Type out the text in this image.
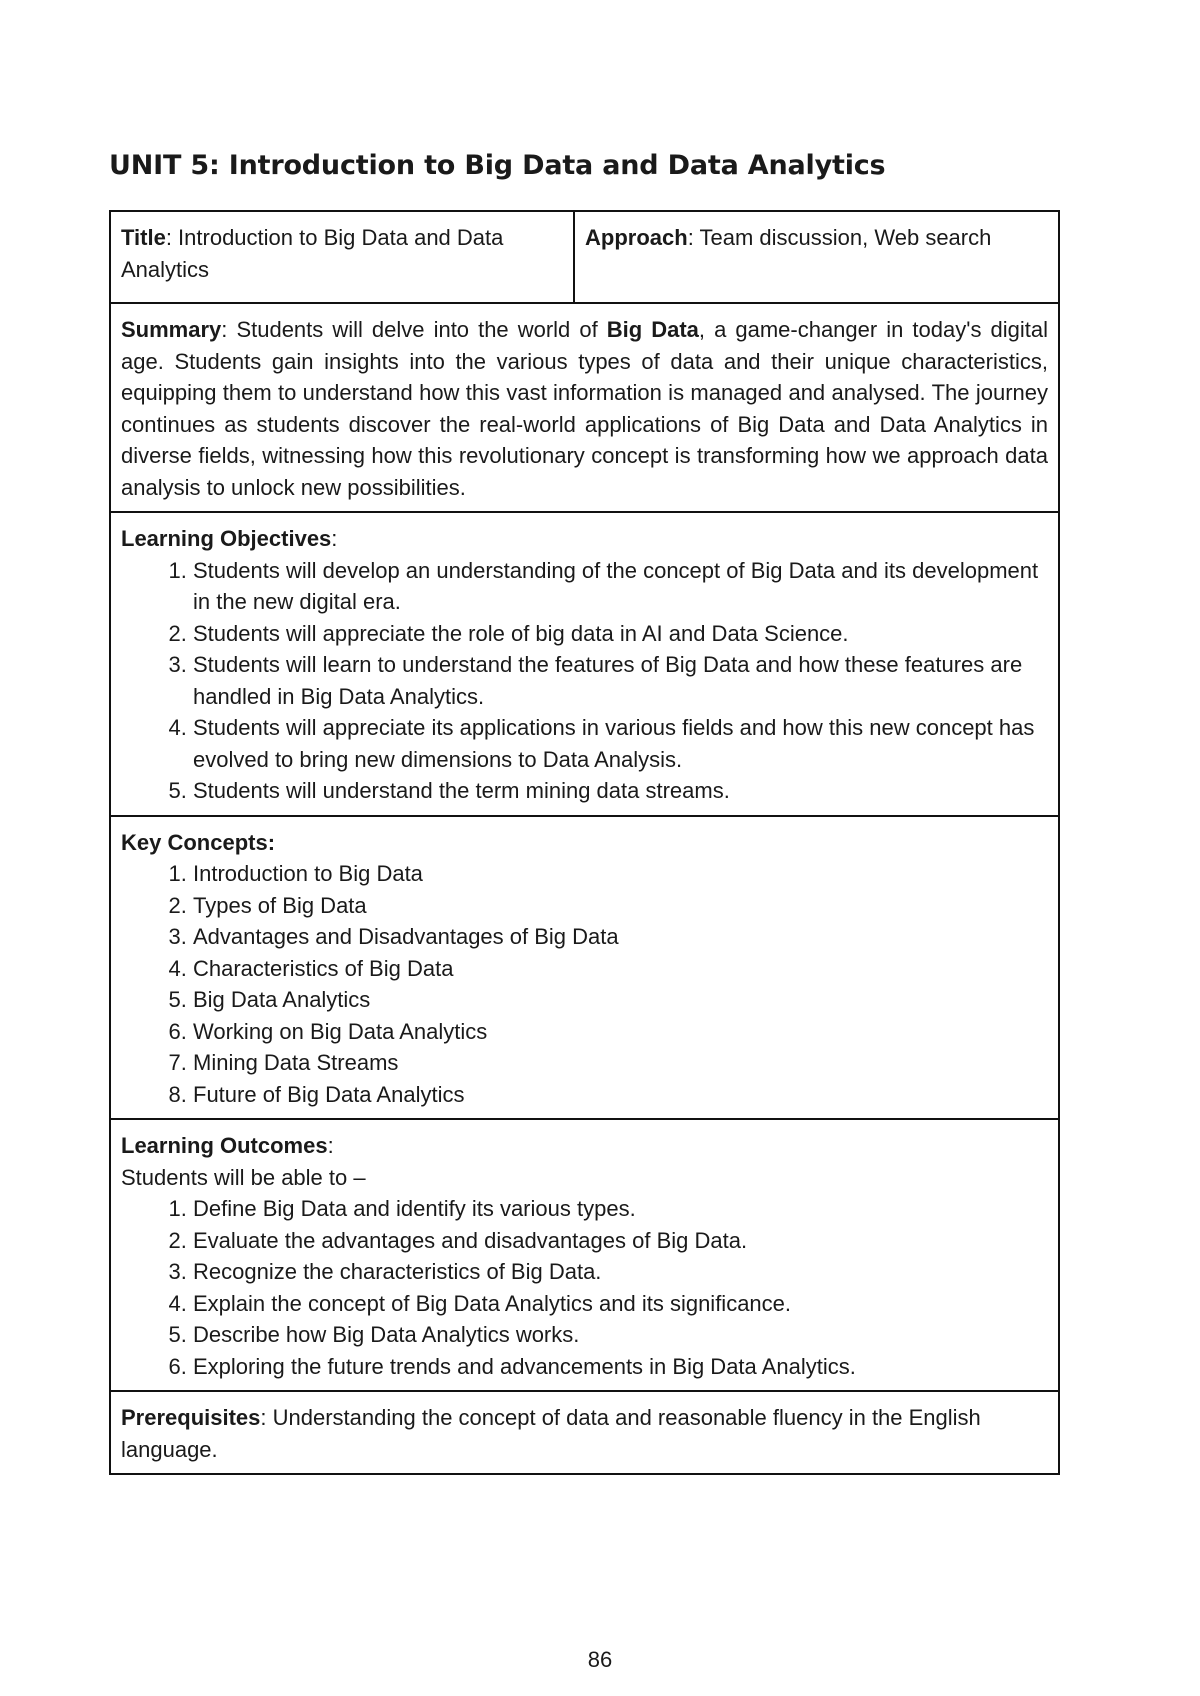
UNIT 5: Introduction to Big Data and Data Analytics
Title: Introduction to Big Data and Data Analytics
Approach: Team discussion, Web search
Summary: Students will delve into the world of Big Data, a game-changer in today's digital age. Students gain insights into the various types of data and their unique characteristics, equipping them to understand how this vast information is managed and analysed. The journey continues as students discover the real-world applications of Big Data and Data Analytics in diverse fields, witnessing how this revolutionary concept is transforming how we approach data analysis to unlock new possibilities.
Learning Objectives:
1. Students will develop an understanding of the concept of Big Data and its development in the new digital era.
2. Students will appreciate the role of big data in AI and Data Science.
3. Students will learn to understand the features of Big Data and how these features are handled in Big Data Analytics.
4. Students will appreciate its applications in various fields and how this new concept has evolved to bring new dimensions to Data Analysis.
5. Students will understand the term mining data streams.
Key Concepts:
1. Introduction to Big Data
2. Types of Big Data
3. Advantages and Disadvantages of Big Data
4. Characteristics of Big Data
5. Big Data Analytics
6. Working on Big Data Analytics
7. Mining Data Streams
8. Future of Big Data Analytics
Learning Outcomes:
Students will be able to –
1. Define Big Data and identify its various types.
2. Evaluate the advantages and disadvantages of Big Data.
3. Recognize the characteristics of Big Data.
4. Explain the concept of Big Data Analytics and its significance.
5. Describe how Big Data Analytics works.
6. Exploring the future trends and advancements in Big Data Analytics.
Prerequisites: Understanding the concept of data and reasonable fluency in the English language.
86
